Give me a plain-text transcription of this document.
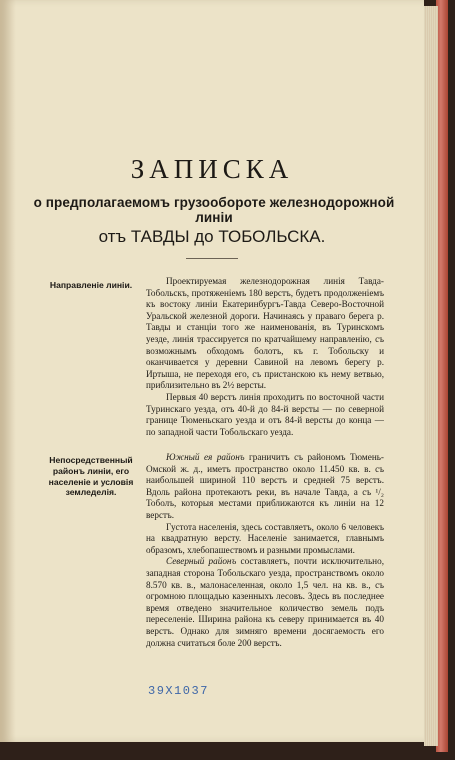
ЗАПИСКА
о предполагаемомъ грузообороте железнодорожной линіи
отъ ТАВДЫ до ТОБОЛЬСКА.
Направленіе линіи.	Проектируемая железнодорожная линія Тавда-Тобольскъ, протяженіемъ 180 верстъ, будетъ продолженіемъ къ востоку линіи Екатеринбургъ-Тавда Северо-Восточной Уральской железной дороги. Начинаясь у праваго берега р. Тавды и станціи того же наименованія, въ Туринскомъ уезде, линія трассируется по кратчайшему направленію, съ возможнымъ обходомъ болотъ, къ г. Тобольску и оканчивается у деревни Савиной на левомъ берегу р. Иртыша, не переходя его, съ пристанскою къ нему ветвью, приблизительно въ 2½ версты.

Первыя 40 верстъ линія проходитъ по восточной части Туринскаго уезда, отъ 40-й до 84-й версты — по северной границе Тюменьскаго уезда и отъ 84-й версты до конца — по западной части Тобольскаго уезда.

Непосредственный районъ линіи, его населеніе и условія земледелія.

Южный ея районъ граничитъ съ райономъ Тюмень-Омской ж. д., иметъ пространство около 11.450 кв. в. съ наибольшей шириной 110 верстъ и средней 75 верстъ. Вдоль района протекаютъ реки, въ начале Тавда, а съ ¹/₂ Тоболъ, которыя местами приближаются къ линіи на 12 верстъ.

Густота населенія, здесь составляетъ, около 6 человекъ на квадратную версту. Населеніе занимается, главнымъ образомъ, хлебопашествомъ и разными промыслами.

Северный районъ составляетъ, почти исключительно, западная сторона Тобольскаго уезда, пространствомъ около 8.570 кв. в., малонаселенная, около 1,5 чел. на кв. в., съ огромною площадью казенныхъ лесовъ. Здесь въ последнее время отведено значительное количество земель подъ переселеніе. Ширина района къ северу принимается въ 40 верстъ. Однако для зимняго времени досягаемость его должна считаться боле 200 верстъ.

39X1037
